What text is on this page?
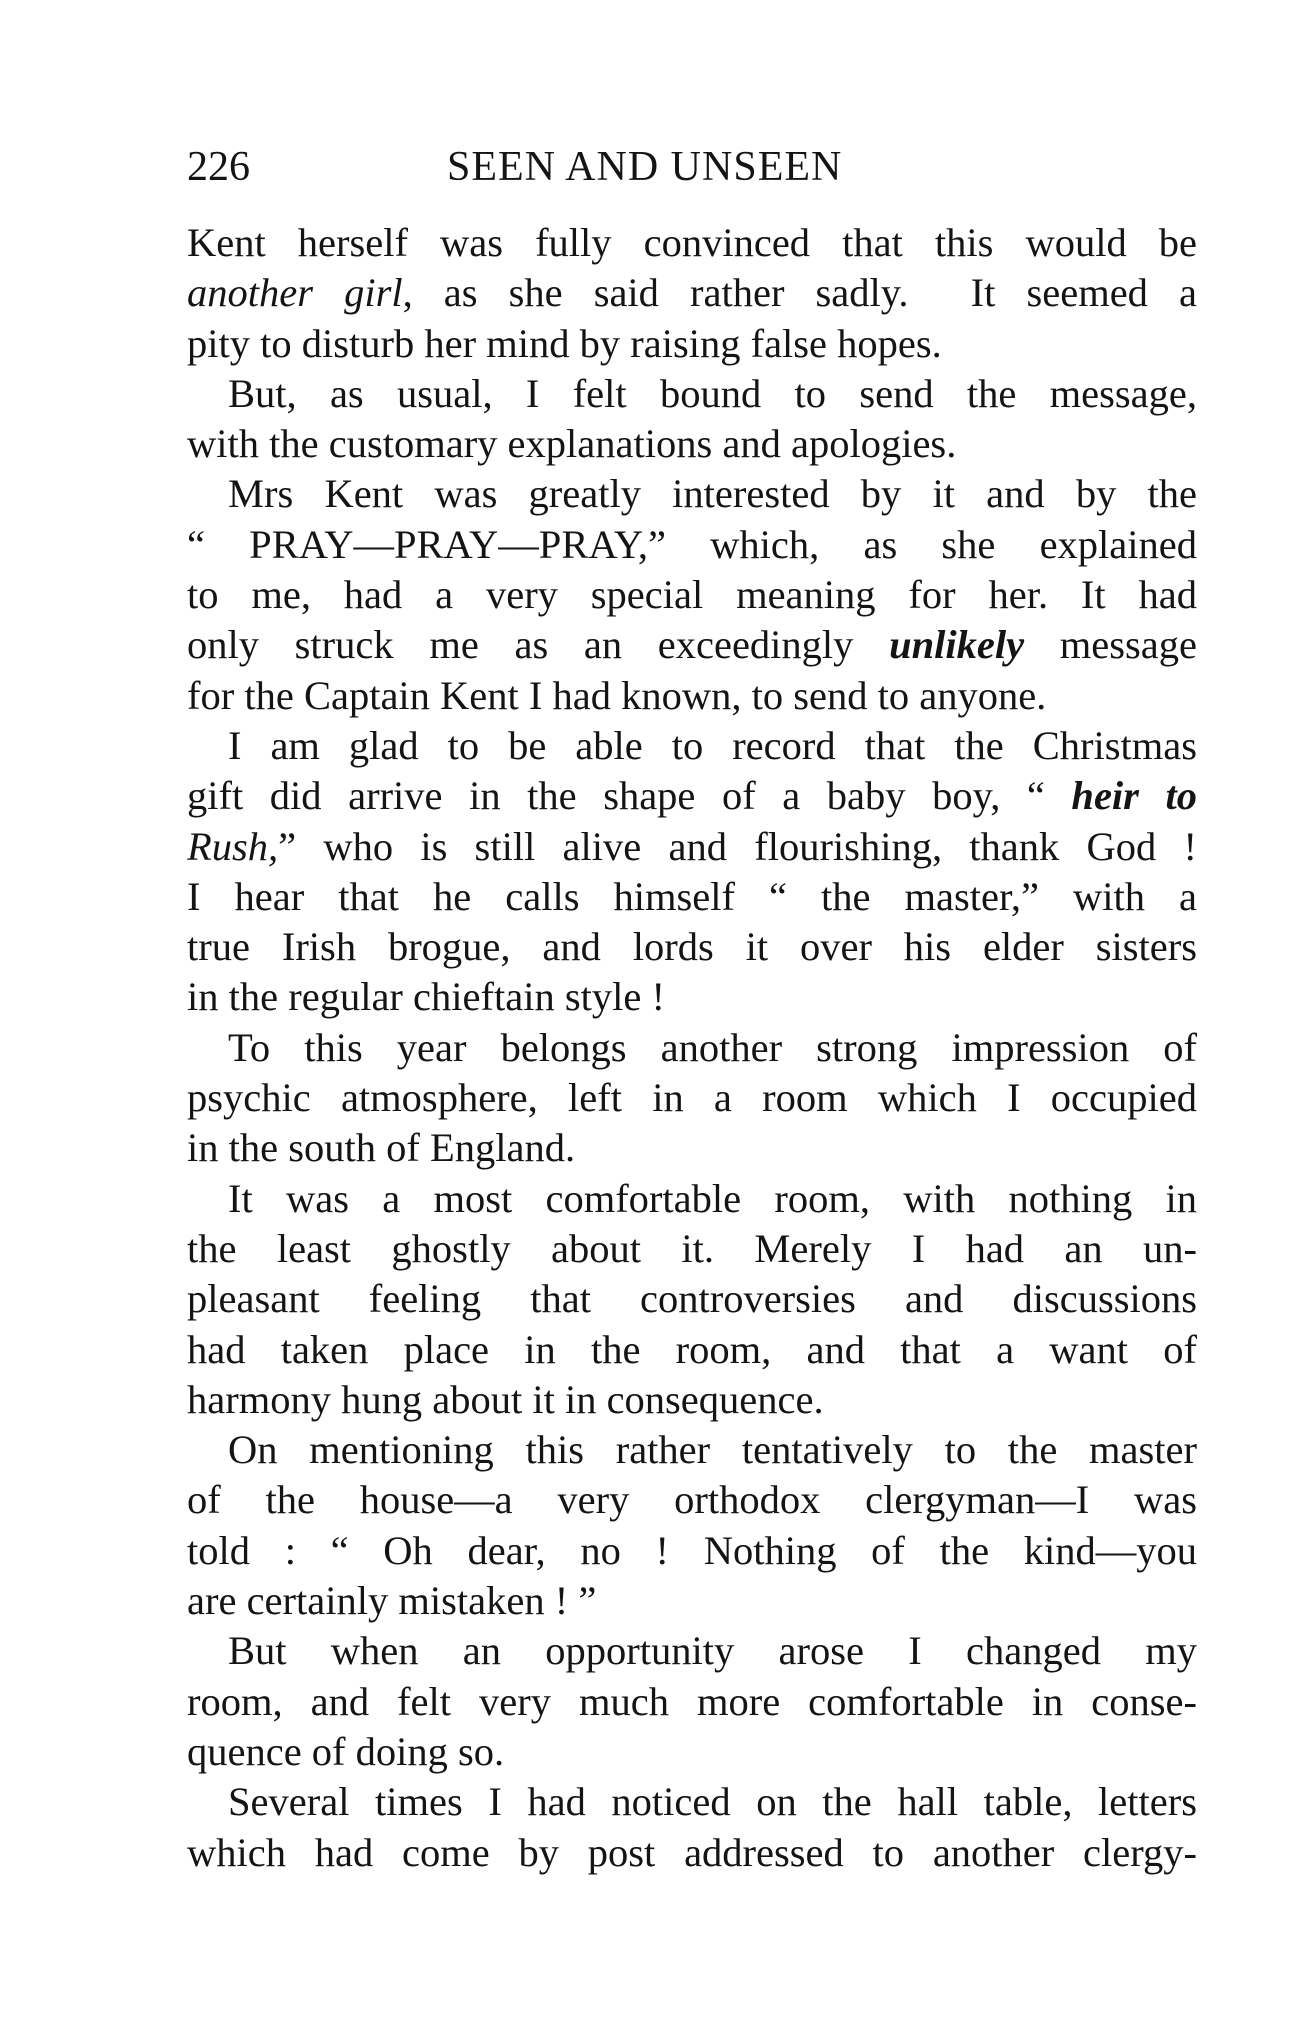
226	SEEN AND UNSEEN
Kent herself was fully convinced that this would be
another girl, as she said rather sadly.  It seemed a
pity to disturb her mind by raising false hopes.
But, as usual, I felt bound to send the message,
with the customary explanations and apologies.
Mrs Kent was greatly interested by it and by the
“ PRAY—PRAY—PRAY,” which, as she explained
to me, had a very special meaning for her. It had
only struck me as an exceedingly unlikely message
for the Captain Kent I had known, to send to anyone.
I am glad to be able to record that the Christmas
gift did arrive in the shape of a baby boy, “ heir to
Rush,” who is still alive and flourishing, thank God !
I hear that he calls himself “ the master,” with a
true Irish brogue, and lords it over his elder sisters
in the regular chieftain style !
To this year belongs another strong impression of
psychic atmosphere, left in a room which I occupied
in the south of England.
It was a most comfortable room, with nothing in
the least ghostly about it. Merely I had an un-
pleasant feeling that controversies and discussions
had taken place in the room, and that a want of
harmony hung about it in consequence.
On mentioning this rather tentatively to the master
of the house—a very orthodox clergyman—I was
told : “ Oh dear, no ! Nothing of the kind—you
are certainly mistaken ! ”
But when an opportunity arose I changed my
room, and felt very much more comfortable in conse-
quence of doing so.
Several times I had noticed on the hall table, letters
which had come by post addressed to another clergy-
